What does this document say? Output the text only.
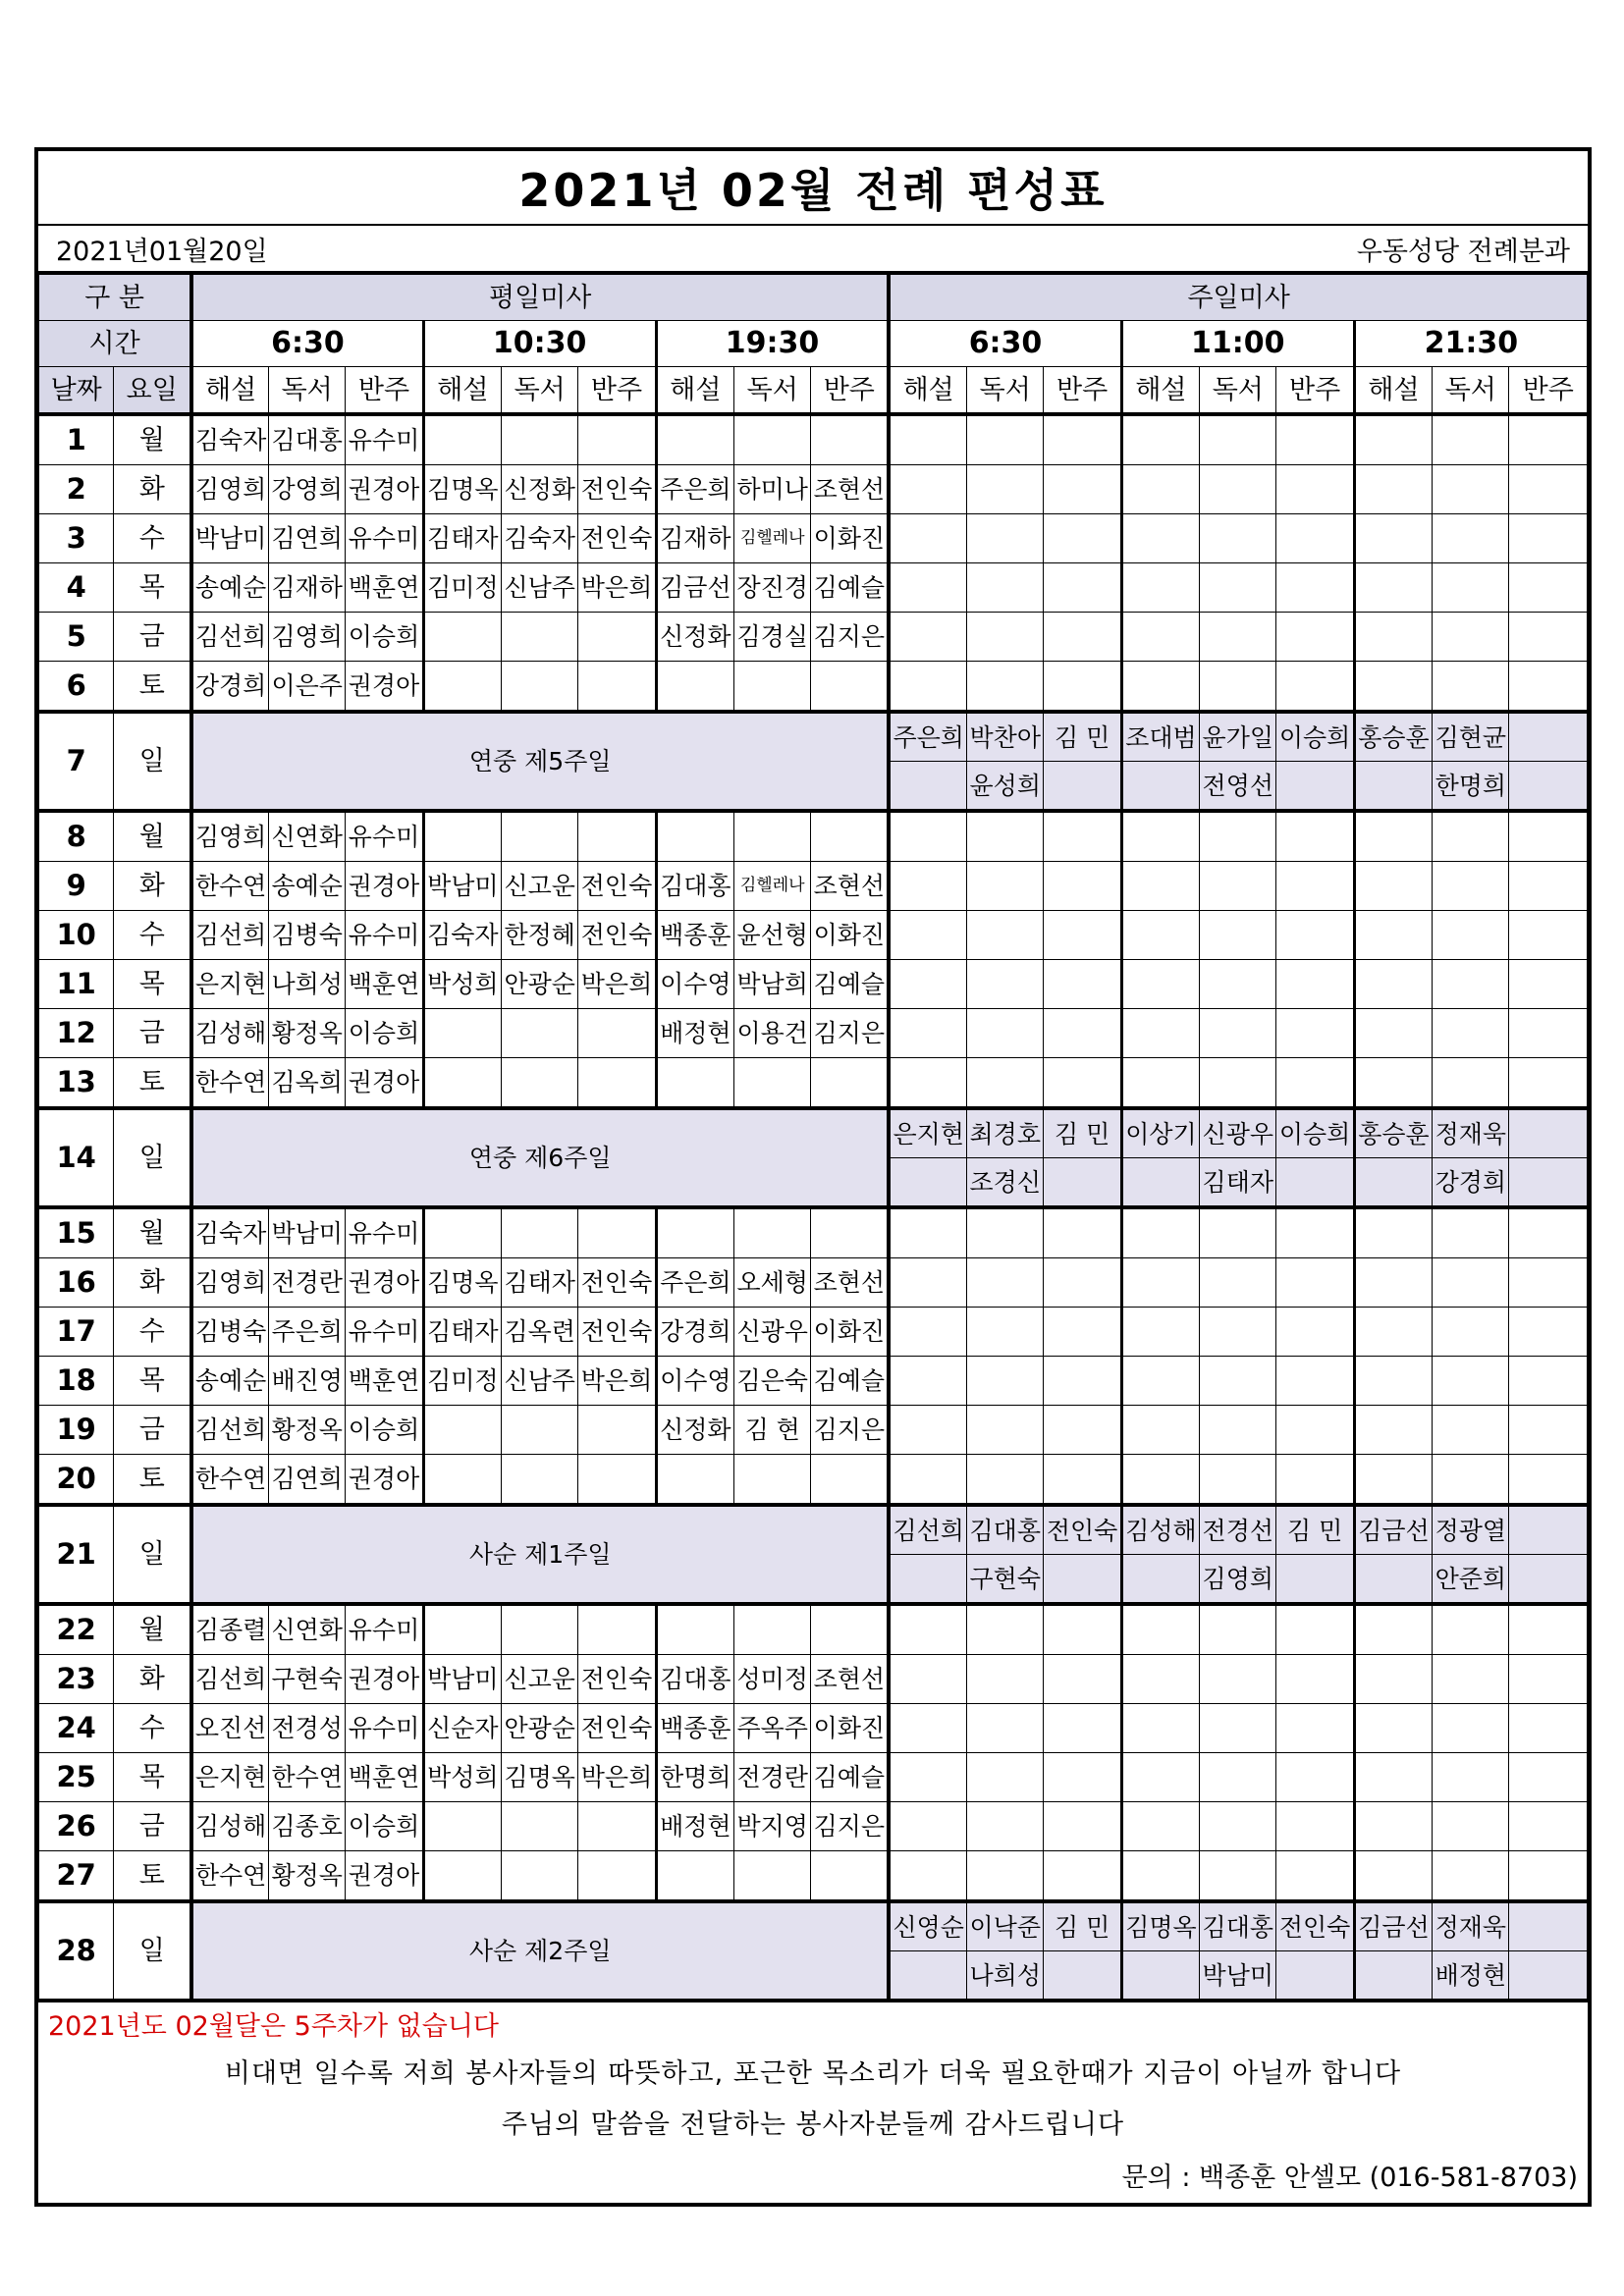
2021년 02월 전례 편성표
2021년01월20일	우동성당 전례분과
구 분		평일미사									주일미사								
시간		6:30			10:30			19:30			6:30			11:00			21:30		
날짜	요일	해설	독서	반주	해설	독서	반주	해설	독서	반주	해설	독서	반주	해설	독서	반주	해설	독서	반주
1	월	김숙자	김대홍	유수미															
2	화	김영희	강영희	권경아	김명옥	신정화	전인숙	주은희	하미나	조현선									
3	수	박남미	김연희	유수미	김태자	김숙자	전인숙	김재하	김헬레나	이화진									
4	목	송예순	김재하	백훈연	김미정	신남주	박은희	김금선	장진경	김예슬									
5	금	김선희	김영희	이승희				신정화	김경실	김지은									
6	토	강경희	이은주	권경아															
7	일	연중 제5주일									주은희	박찬아	김 민	조대범	윤가일	이승희	홍승훈	김현균	
												윤성희			전영선			한명희	
8	월	김영희	신연화	유수미															
9	화	한수연	송예순	권경아	박남미	신고운	전인숙	김대홍	김헬레나	조현선									
10	수	김선희	김병숙	유수미	김숙자	한정혜	전인숙	백종훈	윤선형	이화진									
11	목	은지현	나희성	백훈연	박성희	안광순	박은희	이수영	박남희	김예슬									
12	금	김성해	황정옥	이승희				배정현	이용건	김지은									
13	토	한수연	김옥희	권경아															
14	일	연중 제6주일									은지현	최경호	김 민	이상기	신광우	이승희	홍승훈	정재욱	
												조경신			김태자			강경희	
15	월	김숙자	박남미	유수미															
16	화	김영희	전경란	권경아	김명옥	김태자	전인숙	주은희	오세형	조현선									
17	수	김병숙	주은희	유수미	김태자	김옥련	전인숙	강경희	신광우	이화진									
18	목	송예순	배진영	백훈연	김미정	신남주	박은희	이수영	김은숙	김예슬									
19	금	김선희	황정옥	이승희				신정화	김 현	김지은									
20	토	한수연	김연희	권경아															
21	일	사순 제1주일									김선희	김대홍	전인숙	김성해	전경선	김 민	김금선	정광열	
												구현숙			김영희			안준희	
22	월	김종렬	신연화	유수미															
23	화	김선희	구현숙	권경아	박남미	신고운	전인숙	김대홍	성미정	조현선									
24	수	오진선	전경성	유수미	신순자	안광순	전인숙	백종훈	주옥주	이화진									
25	목	은지현	한수연	백훈연	박성희	김명옥	박은희	한명희	전경란	김예슬									
26	금	김성해	김종호	이승희				배정현	박지영	김지은									
27	토	한수연	황정옥	권경아															
28	일	사순 제2주일									신영순	이낙준	김 민	김명옥	김대홍	전인숙	김금선	정재욱	
												나희성			박남미			배정현	
2021년도 02월달은 5주차가 없습니다
비대면 일수록 저희 봉사자들의 따뜻하고, 포근한 목소리가 더욱 필요한때가 지금이 아닐까 합니다
주님의 말씀을 전달하는 봉사자분들께 감사드립니다
문의 : 백종훈 안셀모 (016-581-8703)
